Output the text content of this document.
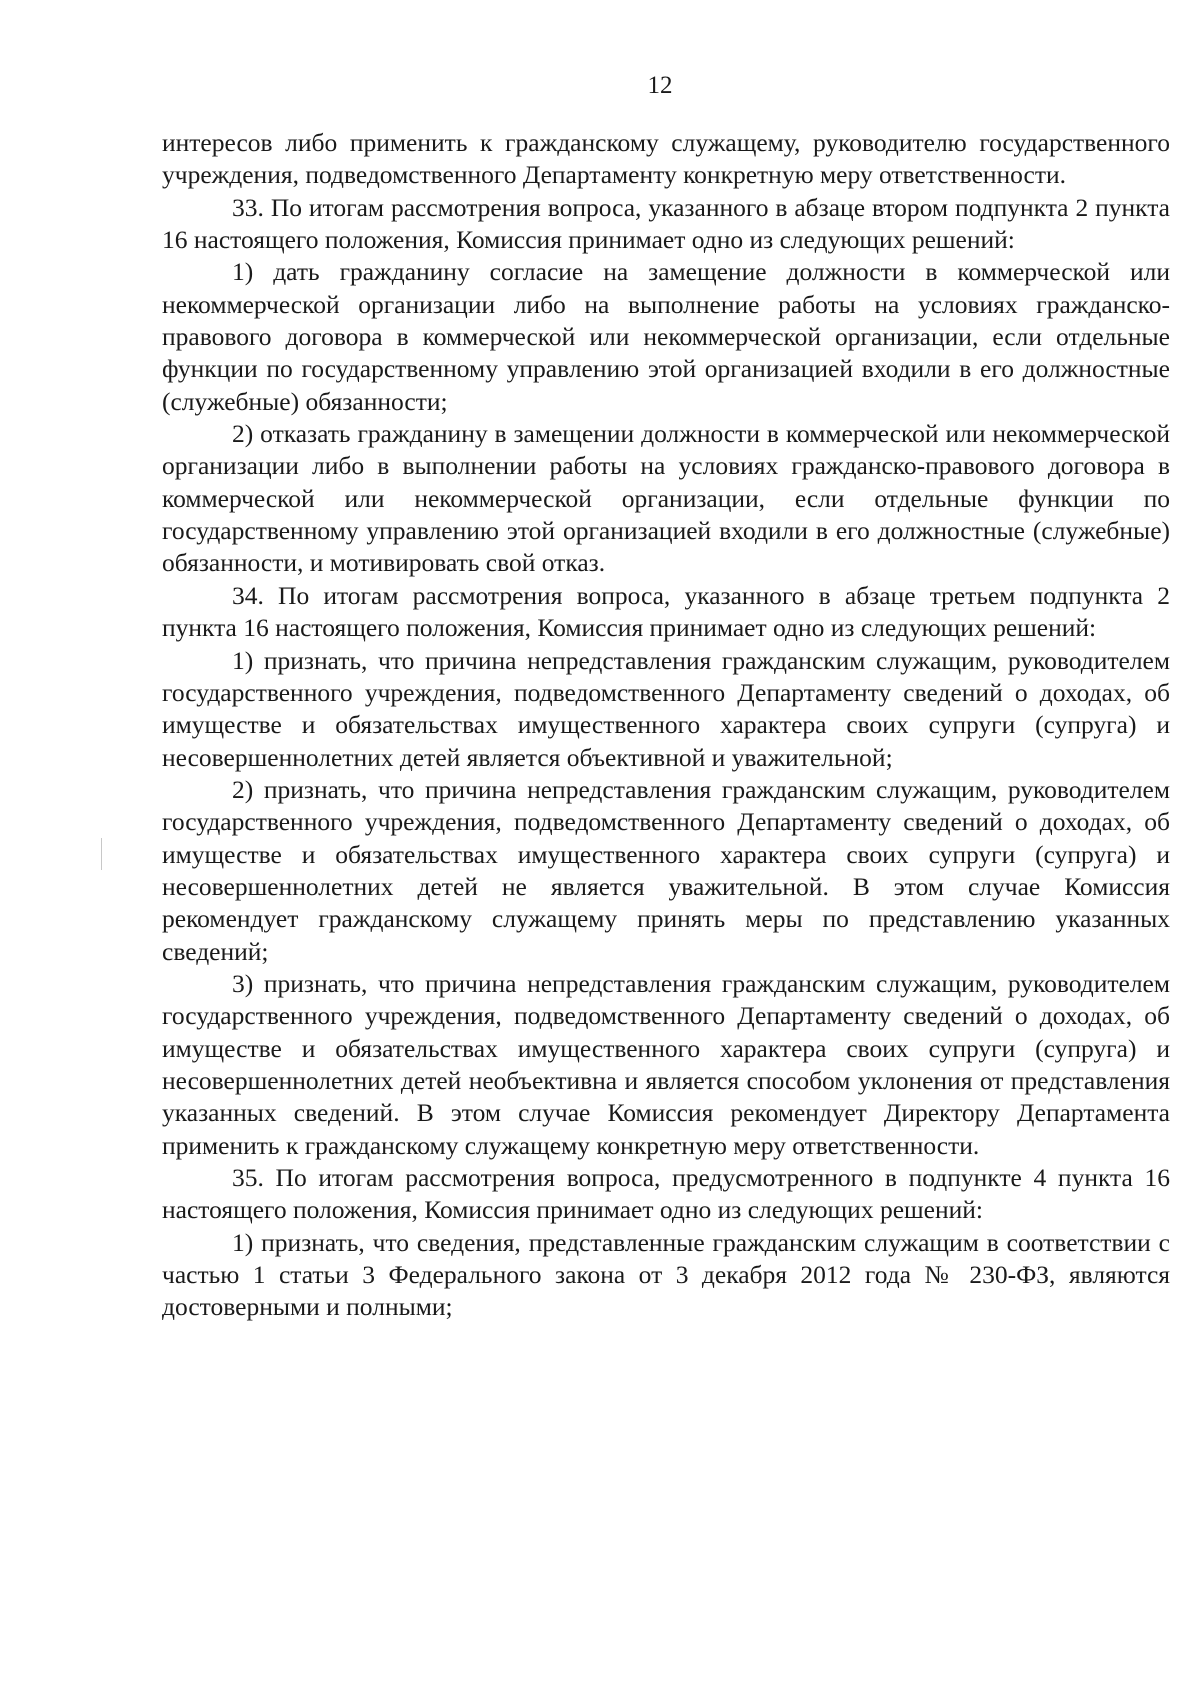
12

интересов либо применить к гражданскому служащему, руководителю государственного учреждения, подведомственного Департаменту конкретную меру ответственности.

33. По итогам рассмотрения вопроса, указанного в абзаце втором подпункта 2 пункта 16 настоящего положения, Комиссия принимает одно из следующих решений:

1) дать гражданину согласие на замещение должности в коммерческой или некоммерческой организации либо на выполнение работы на условиях гражданско-правового договора в коммерческой или некоммерческой организации, если отдельные функции по государственному управлению этой организацией входили в его должностные (служебные) обязанности;

2) отказать гражданину в замещении должности в коммерческой или некоммерческой организации либо в выполнении работы на условиях гражданско-правового договора в коммерческой или некоммерческой организации, если отдельные функции по государственному управлению этой организацией входили в его должностные (служебные) обязанности, и мотивировать свой отказ.

34. По итогам рассмотрения вопроса, указанного в абзаце третьем подпункта 2 пункта 16 настоящего положения, Комиссия принимает одно из следующих решений:

1) признать, что причина непредставления гражданским служащим, руководителем государственного учреждения, подведомственного Департаменту сведений о доходах, об имуществе и обязательствах имущественного характера своих супруги (супруга) и несовершеннолетних детей является объективной и уважительной;

2) признать, что причина непредставления гражданским служащим, руководителем государственного учреждения, подведомственного Департаменту сведений о доходах, об имуществе и обязательствах имущественного характера своих супруги (супруга) и несовершеннолетних детей не является уважительной. В этом случае Комиссия рекомендует гражданскому служащему принять меры по представлению указанных сведений;

3) признать, что причина непредставления гражданским служащим, руководителем государственного учреждения, подведомственного Департаменту сведений о доходах, об имуществе и обязательствах имущественного характера своих супруги (супруга) и несовершеннолетних детей необъективна и является способом уклонения от представления указанных сведений. В этом случае Комиссия рекомендует Директору Департамента применить к гражданскому служащему конкретную меру ответственности.

35. По итогам рассмотрения вопроса, предусмотренного в подпункте 4 пункта 16 настоящего положения, Комиссия принимает одно из следующих решений:

1) признать, что сведения, представленные гражданским служащим в соответствии с частью 1 статьи 3 Федерального закона от 3 декабря 2012 года № 230-ФЗ, являются достоверными и полными;
